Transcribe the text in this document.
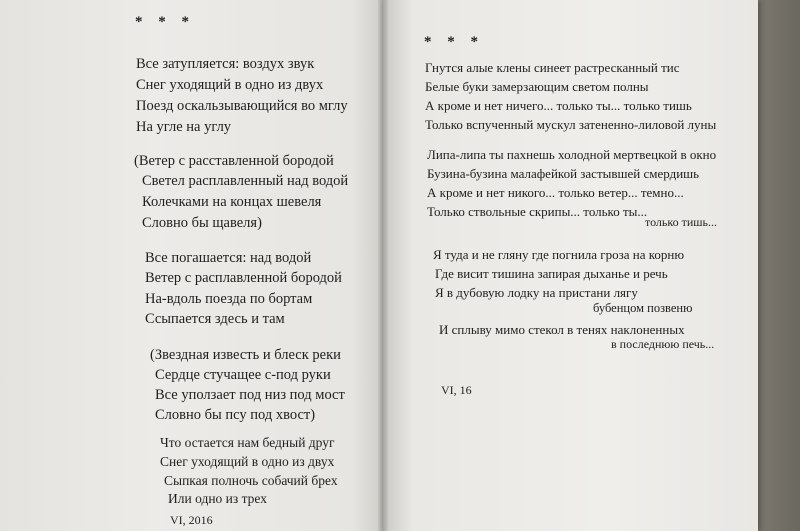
* * *
Все затупляется: воздух звук
Снег уходящий в одно из двух
Поезд оскальзывающийся во мглу
На угле на углу
(Ветер с расставленной бородой
Светел расплавленный над водой
Колечками на концах шевеля
Словно бы щавеля)
Все погашается: над водой
Ветер с расплавленной бородой
На-вдоль поезда по бортам
Ссыпается здесь и там
(Звездная известь и блеск реки
Сердце стучащее с-под руки
Все уползает под низ под мост
Словно бы псу под хвост)
Что остается нам бедный друг
Снег уходящий в одно из двух
Сыпкая полночь собачий брех
Или одно из трех
VI, 2016
* * *
Гнутся алые клены синеет растресканный тис
Белые буки замерзающим светом полны
А кроме и нет ничего... только ты... только тишь
Только вспученный мускул затененно-лиловой луны
Липа-липа ты пахнешь холодной мертвецкой в окно
Бузина-бузина малафейкой застывшей смердишь
А кроме и нет никого... только ветер... темно...
Только ствольные скрипы... только ты...
только тишь...
Я туда и не гляну где погнила гроза на корню
Где висит тишина запирая дыханье и речь
Я в дубовую лодку на пристани лягу
бубенцом позвеню
И сплыву мимо стекол в тенях наклоненных
в последнюю печь...
VI, 16
